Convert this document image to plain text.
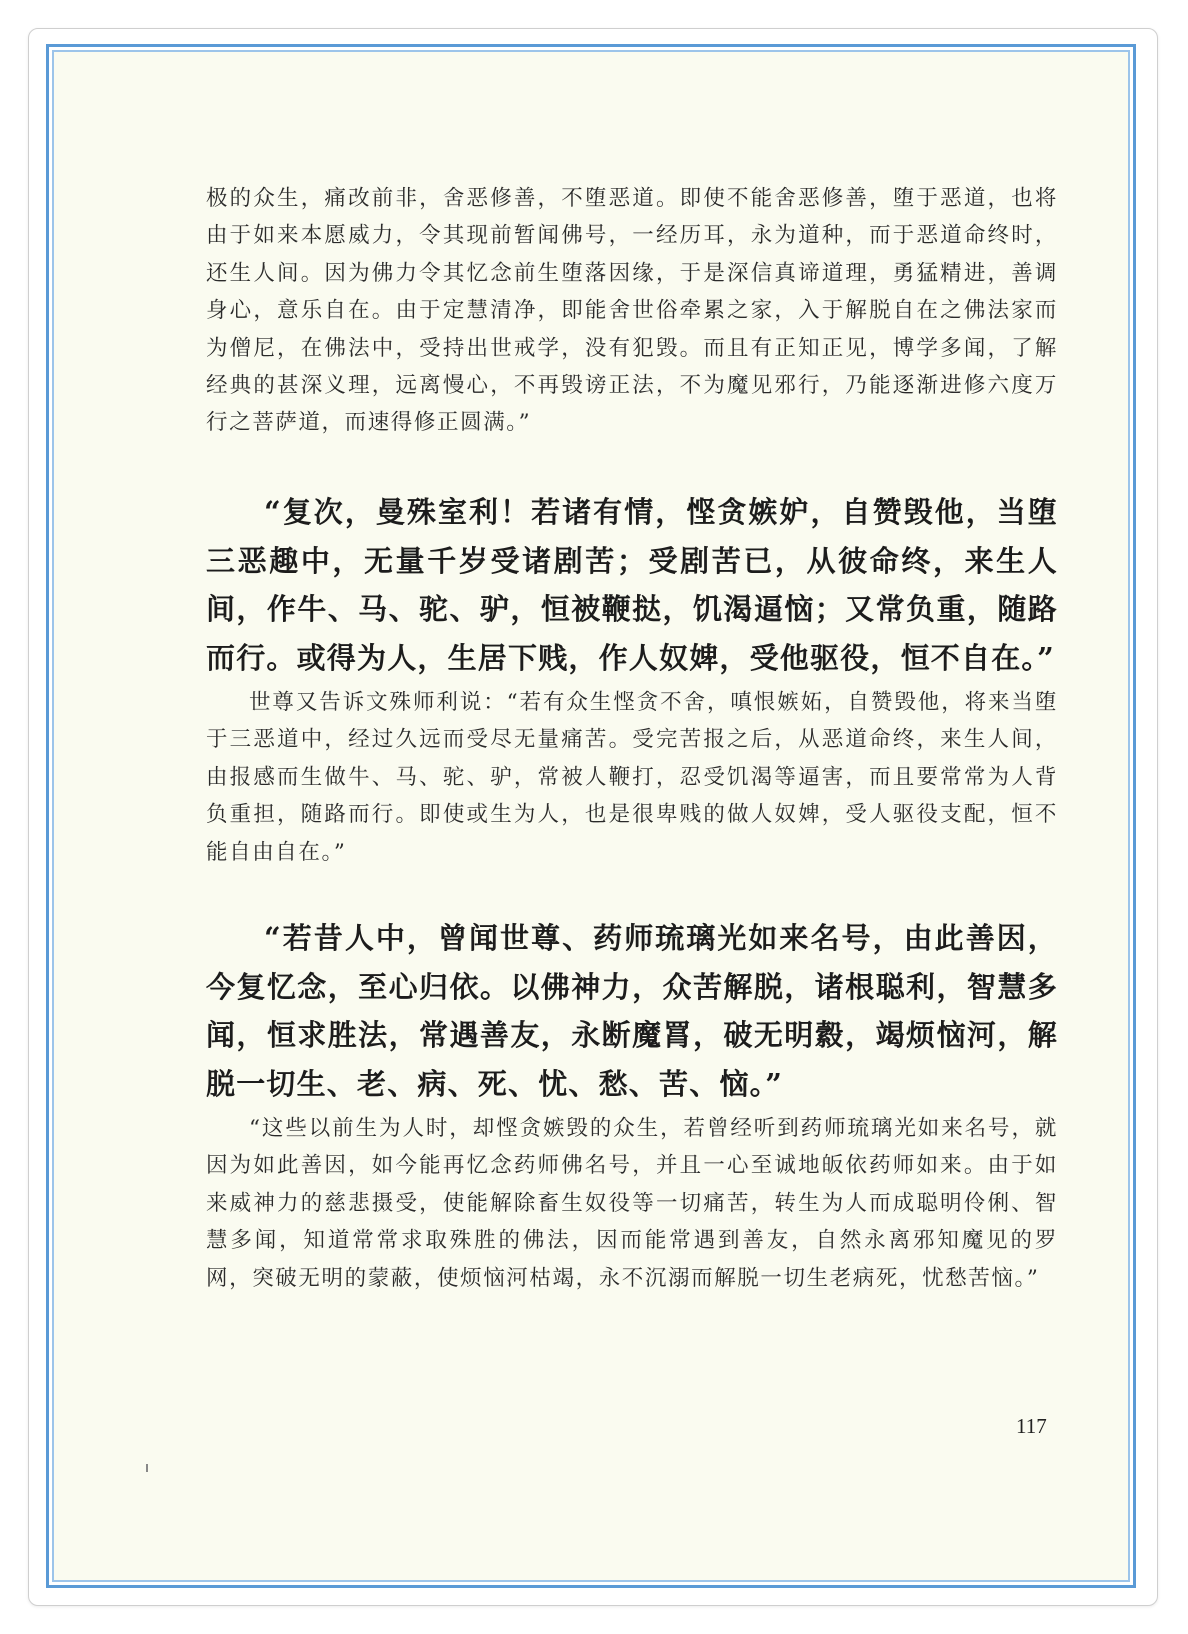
极的众生，痛改前非，舍恶修善，不堕恶道。即使不能舍恶修善，堕于恶道，也将由于如来本愿威力，令其现前暂闻佛号，一经历耳，永为道种，而于恶道命终时，还生人间。因为佛力令其忆念前生堕落因缘，于是深信真谛道理，勇猛精进，善调身心，意乐自在。由于定慧清净，即能舍世俗牵累之家，入于解脱自在之佛法家而为僧尼，在佛法中，受持出世戒学，没有犯毁。而且有正知正见，博学多闻，了解经典的甚深义理，远离慢心，不再毁谤正法，不为魔见邪行，乃能逐渐进修六度万行之菩萨道，而速得修正圆满。”

“复次，曼殊室利！若诸有情，悭贪嫉妒，自赞毁他，当堕三恶趣中，无量千岁受诸剧苦；受剧苦已，从彼命终，来生人间，作牛、马、驼、驴，恒被鞭挞，饥渴逼恼；又常负重，随路而行。或得为人，生居下贱，作人奴婢，受他驱役，恒不自在。”

世尊又告诉文殊师利说：“若有众生悭贪不舍，嗔恨嫉妬，自赞毁他，将来当堕于三恶道中，经过久远而受尽无量痛苦。受完苦报之后，从恶道命终，来生人间，由报感而生做牛、马、驼、驴，常被人鞭打，忍受饥渴等逼害，而且要常常为人背负重担，随路而行。即使或生为人，也是很卑贱的做人奴婢，受人驱役支配，恒不能自由自在。”

“若昔人中，曾闻世尊、药师琉璃光如来名号，由此善因，今复忆念，至心归依。以佛神力，众苦解脱，诸根聪利，智慧多闻，恒求胜法，常遇善友，永断魔罥，破无明縠，竭烦恼河，解脱一切生、老、病、死、忧、愁、苦、恼。”

“这些以前生为人时，却悭贪嫉毁的众生，若曾经听到药师琉璃光如来名号，就因为如此善因，如今能再忆念药师佛名号，并且一心至诚地皈依药师如来。由于如来威神力的慈悲摄受，使能解除畜生奴役等一切痛苦，转生为人而成聪明伶俐、智慧多闻，知道常常求取殊胜的佛法，因而能常遇到善友，自然永离邪知魔见的罗网，突破无明的蒙蔽，使烦恼河枯竭，永不沉溺而解脱一切生老病死，忧愁苦恼。”

117
